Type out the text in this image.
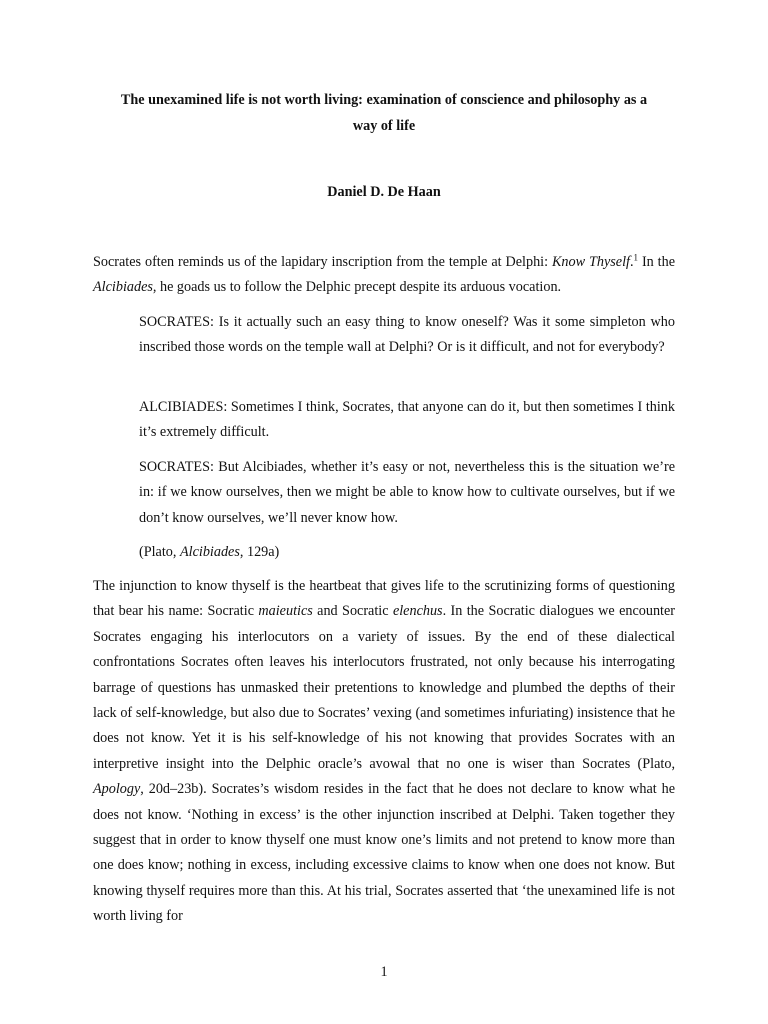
The unexamined life is not worth living: examination of conscience and philosophy as a
way of life

Daniel D. De Haan

Socrates often reminds us of the lapidary inscription from the temple at Delphi: Know Thyself.$^1$ In the Alcibiades, he goads us to follow the Delphic precept despite its arduous vocation.

SOCRATES: Is it actually such an easy thing to know oneself? Was it some simpleton who inscribed those words on the temple wall at Delphi? Or is it difficult, and not for everybody?

ALCIBIADES: Sometimes I think, Socrates, that anyone can do it, but then sometimes I think it’s extremely difficult.

SOCRATES: But Alcibiades, whether it’s easy or not, nevertheless this is the situation we’re in: if we know ourselves, then we might be able to know how to cultivate ourselves, but if we don’t know ourselves, we’ll never know how.

(Plato, Alcibiades, 129a)

The injunction to know thyself is the heartbeat that gives life to the scrutinizing forms of questioning that bear his name: Socratic maieutics and Socratic elenchus. In the Socratic dialogues we encounter Socrates engaging his interlocutors on a variety of issues. By the end of these dialectical confrontations Socrates often leaves his interlocutors frustrated, not only because his interrogating barrage of questions has unmasked their pretentions to knowledge and plumbed the depths of their lack of self-knowledge, but also due to Socrates’ vexing (and sometimes infuriating) insistence that he does not know. Yet it is his self-knowledge of his not knowing that provides Socrates with an interpretive insight into the Delphic oracle’s avowal that no one is wiser than Socrates (Plato, Apology, 20d–23b). Socrates’s wisdom resides in the fact that he does not declare to know what he does not know. ‘Nothing in excess’ is the other injunction inscribed at Delphi. Taken together they suggest that in order to know thyself one must know one’s limits and not pretend to know more than one does know; nothing in excess, including excessive claims to know when one does not know. But knowing thyself requires more than this. At his trial, Socrates asserted that ‘the unexamined life is not worth living for

1
